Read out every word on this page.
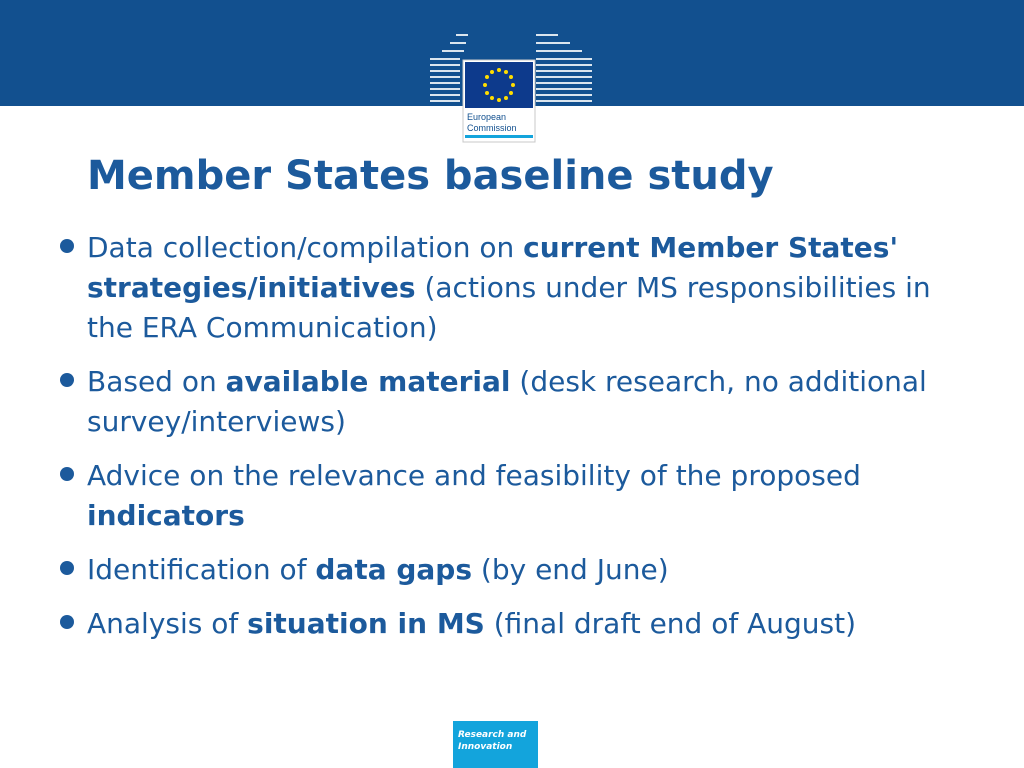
European
Commission
Member States baseline study
Data collection/compilation on current Member States' strategies/initiatives (actions under MS responsibilities in the ERA Communication)
Based on available material (desk research, no additional survey/interviews)
Advice on the relevance and feasibility of the proposed indicators
Identification of data gaps (by end June)
Analysis of situation in MS (final draft end of August)
Research and
Innovation
